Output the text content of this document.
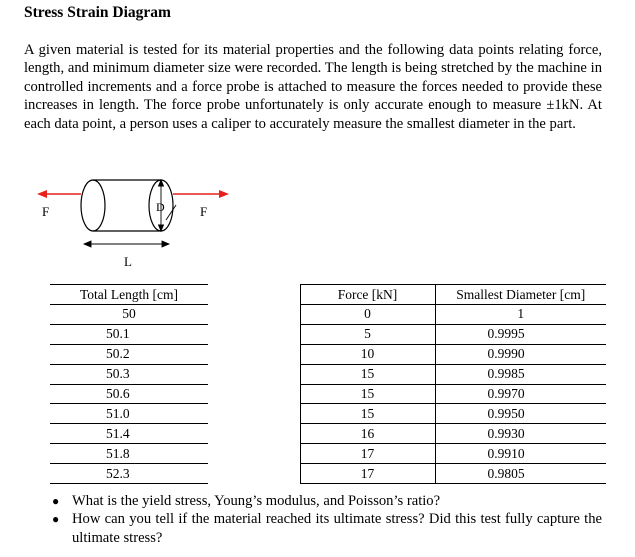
Stress Strain Diagram
A given material is tested for its material properties and the following data points relating force, length, and minimum diameter size were recorded. The length is being stretched by the machine in controlled increments and a force probe is attached to measure the forces needed to provide these increases in length. The force probe unfortunately is only accurate enough to measure ±1kN. At each data point, a person uses a caliper to accurately measure the smallest diameter in the part.
F	F
D
L
Total Length [cm]		Force [kN]	Smallest Diameter [cm]
50		0	1
50.1		5	0.9995
50.2		10	0.9990
50.3		15	0.9985
50.6		15	0.9970
51.0		15	0.9950
51.4		16	0.9930
51.8		17	0.9910
52.3		17	0.9805
● What is the yield stress, Young’s modulus, and Poisson’s ratio?
● How can you tell if the material reached its ultimate stress? Did this test fully capture the ultimate stress?
